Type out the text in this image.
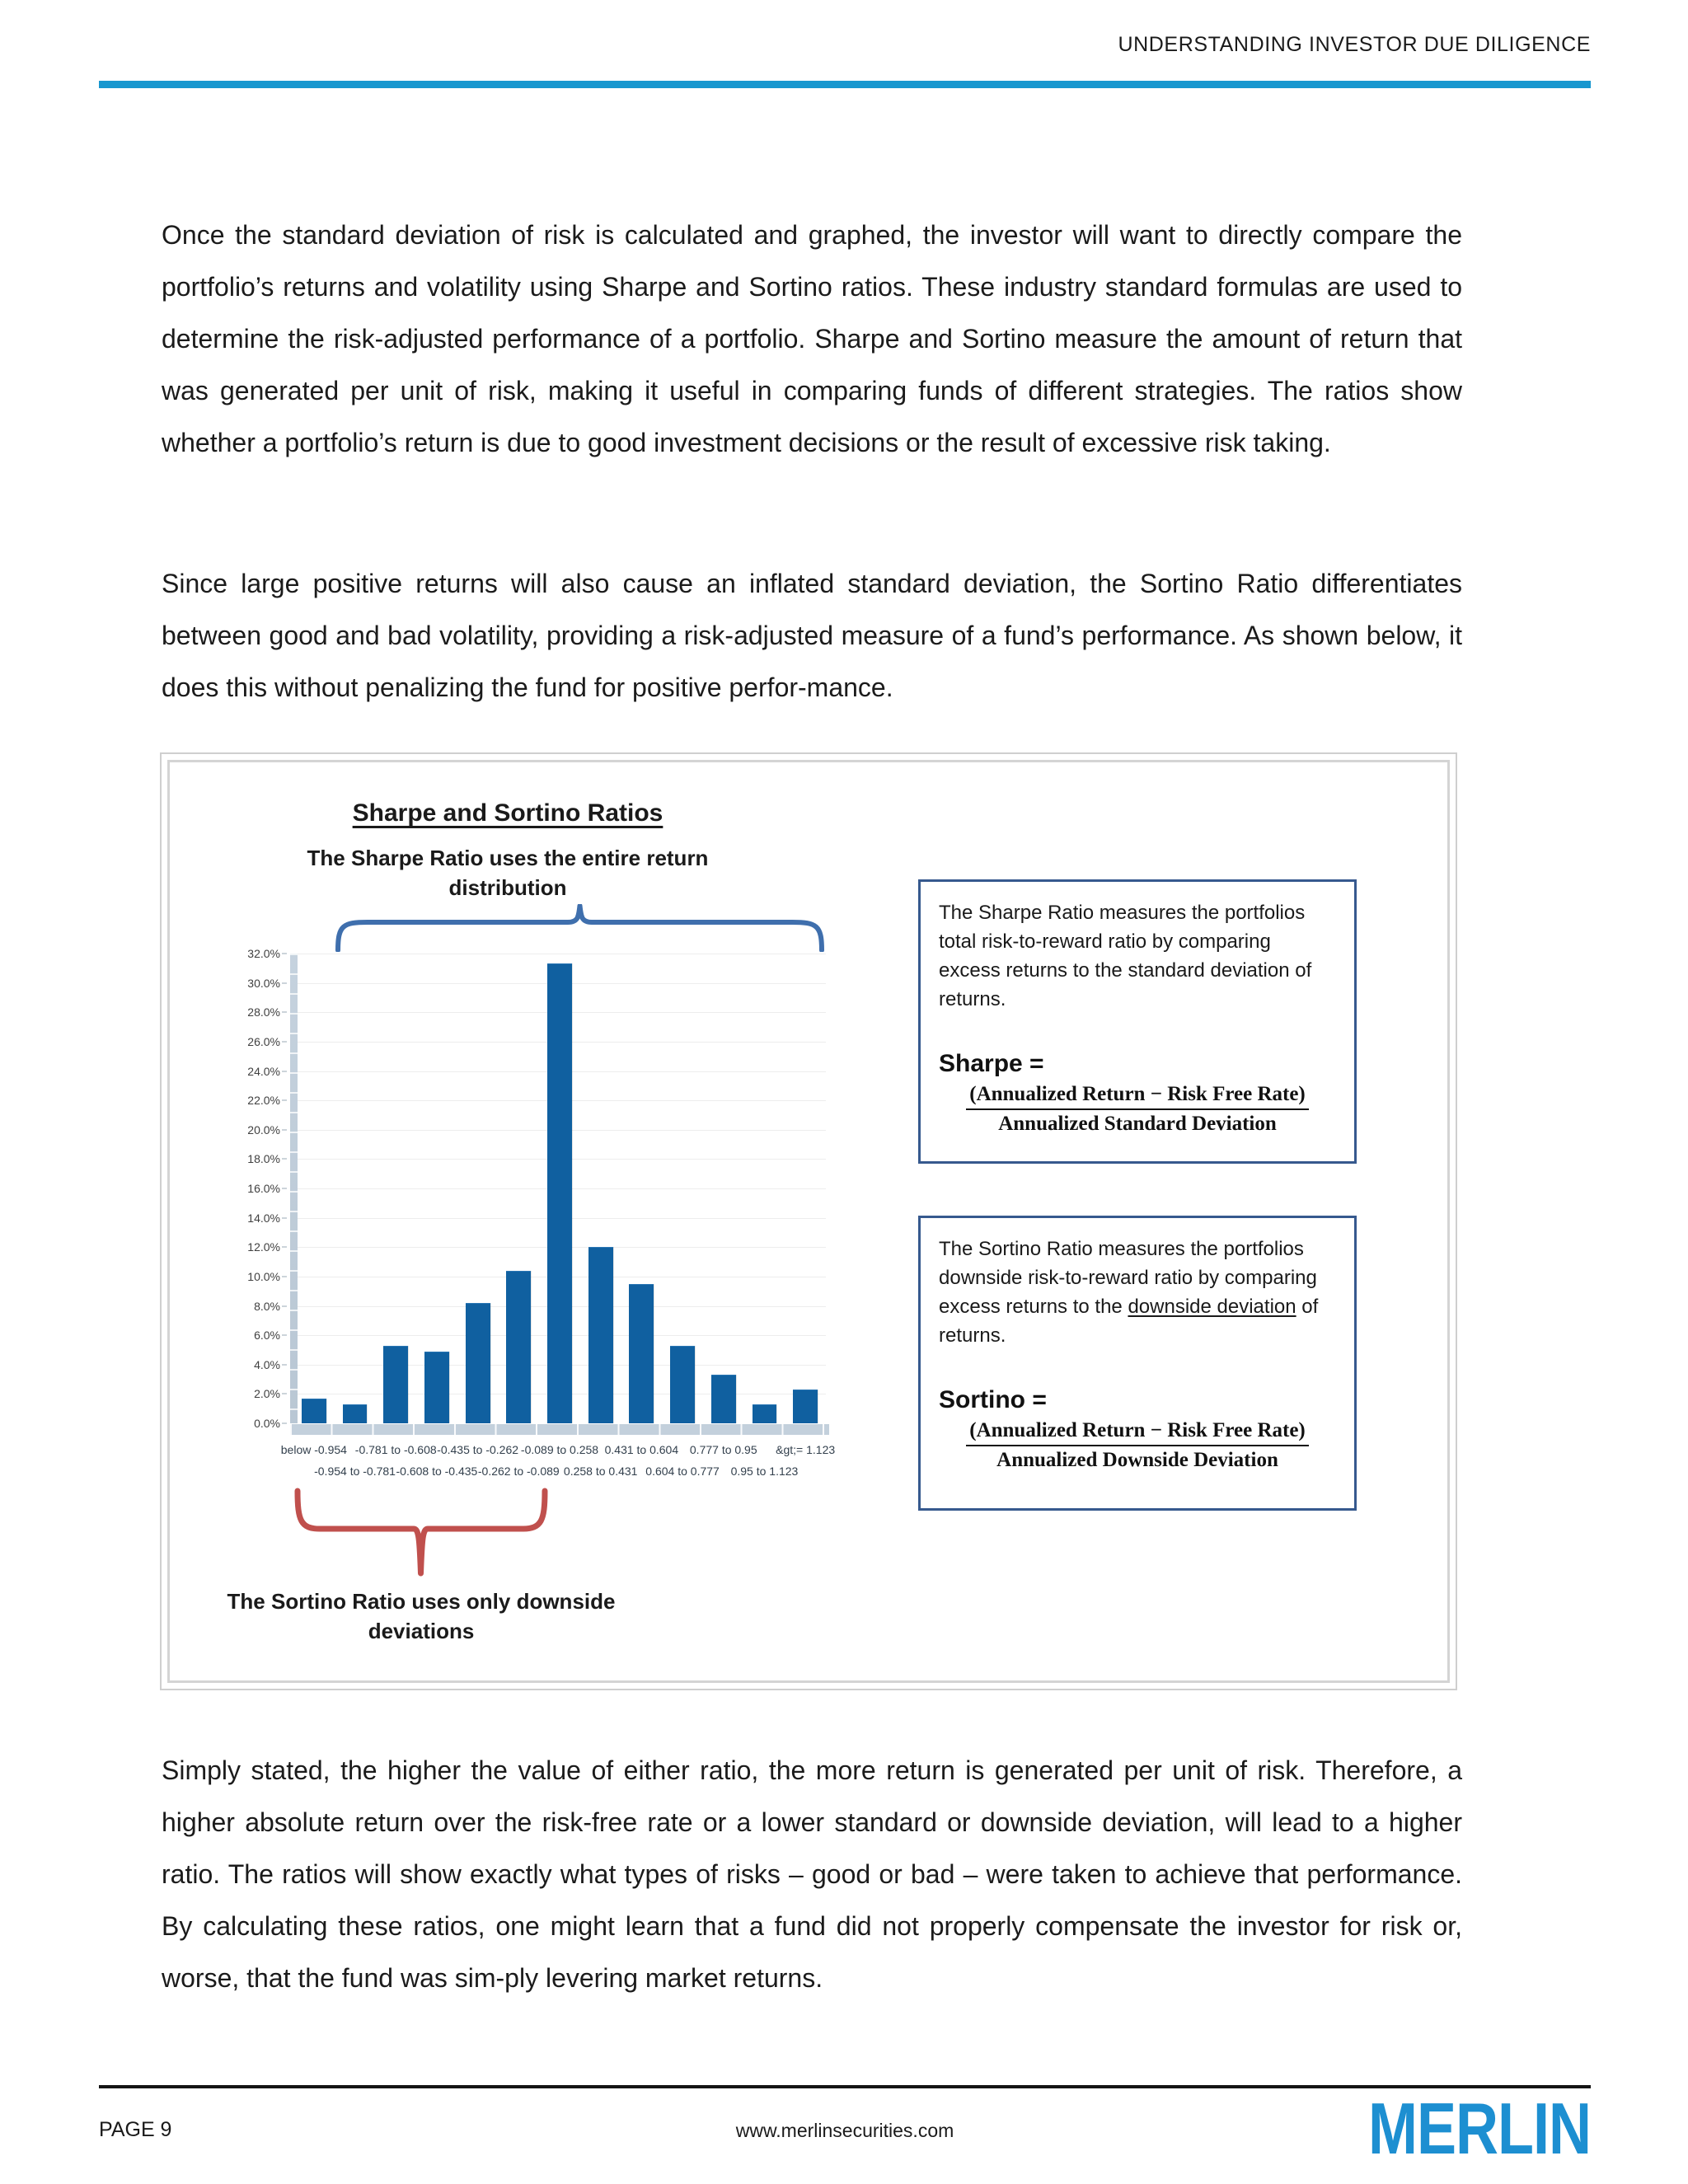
UNDERSTANDING INVESTOR DUE DILIGENCE

Once the standard deviation of risk is calculated and graphed, the investor will want to directly compare the portfolio’s returns and volatility using Sharpe and Sortino ratios. These industry standard formulas are used to determine the risk-adjusted performance of a portfolio. Sharpe and Sortino measure the amount of return that was generated per unit of risk, making it useful in comparing funds of different strategies. The ratios show whether a portfolio’s return is due to good investment decisions or the result of excessive risk taking.

Since large positive returns will also cause an inflated standard deviation, the Sortino Ratio differentiates between good and bad volatility, providing a risk-adjusted measure of a fund’s performance. As shown below, it does this without penalizing the fund for positive perfor-mance.

Simply stated, the higher the value of either ratio, the more return is generated per unit of risk. Therefore, a higher absolute return over the risk-free rate or a lower standard or downside deviation, will lead to a higher ratio. The ratios will show exactly what types of risks – good or bad – were taken to achieve that performance. By calculating these ratios, one might learn that a fund did not properly compensate the investor for risk or, worse, that the fund was sim-ply levering market returns.

Sharpe and Sortino Ratios
The Sharpe Ratio uses the entire return distribution
0.0%
2.0%
4.0%
6.0%
8.0%
10.0%
12.0%
14.0%
16.0%
18.0%
20.0%
22.0%
24.0%
26.0%
28.0%
30.0%
32.0%
below -0.954
-0.954 to -0.781
-0.781 to -0.608
-0.608 to -0.435
-0.435 to -0.262
-0.262 to -0.089
-0.089 to 0.258
0.258 to 0.431
0.431 to 0.604
0.604 to 0.777
0.777 to 0.95
0.95 to 1.123
&gt;= 1.123
The Sortino Ratio uses only downside deviations
The Sharpe Ratio measures the portfolios total risk-to-reward ratio by comparing excess returns to the standard deviation of returns.
Sharpe =
(Annualized Return − Risk Free Rate)
Annualized Standard Deviation
The Sortino Ratio measures the portfolios downside risk-to-reward ratio by comparing excess returns to the downside deviation of returns.
Sortino =
(Annualized Return − Risk Free Rate)
Annualized Downside Deviation
PAGE 9	www.merlinsecurities.com	MERLIN
